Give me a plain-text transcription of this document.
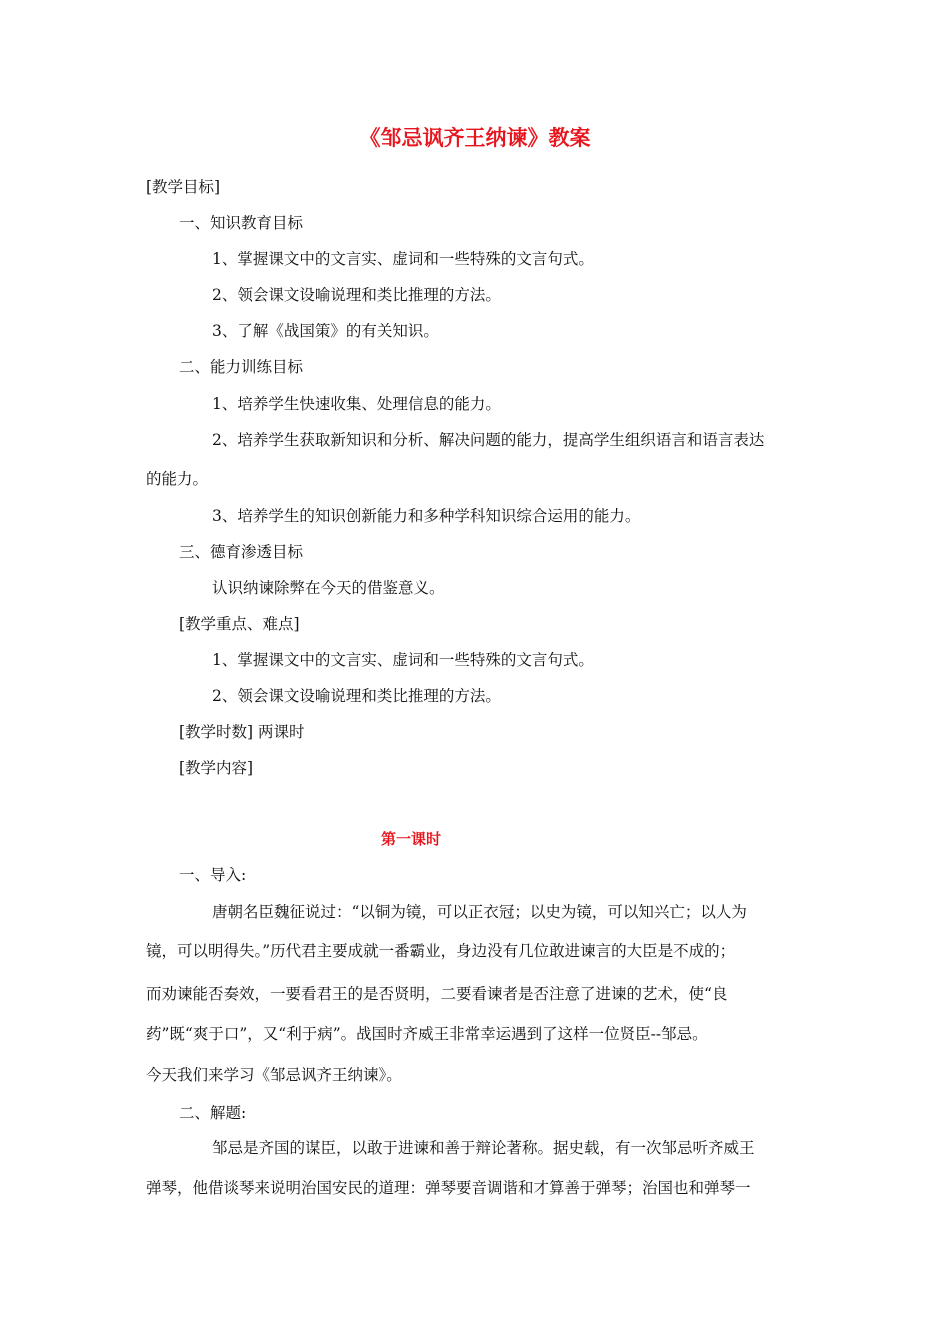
《邹忌讽齐王纳谏》教案

[教学目标]

一、知识教育目标

1、掌握课文中的文言实、虚词和一些特殊的文言句式。

2、领会课文设喻说理和类比推理的方法。

3、了解《战国策》的有关知识。

二、能力训练目标

1、培养学生快速收集、处理信息的能力。

2、培养学生获取新知识和分析、解决问题的能力，提高学生组织语言和语言表达

的能力。

3、培养学生的知识创新能力和多种学科知识综合运用的能力。

三、德育渗透目标

认识纳谏除弊在今天的借鉴意义。

[教学重点、难点]

1、掌握课文中的文言实、虚词和一些特殊的文言句式。

2、领会课文设喻说理和类比推理的方法。

[教学时数] 两课时

[教学内容]

第一课时

一、导入:

唐朝名臣魏征说过：“以铜为镜，可以正衣冠；以史为镜，可以知兴亡；以人为

镜，可以明得失。”历代君主要成就一番霸业，身边没有几位敢进谏言的大臣是不成的；

而劝谏能否奏效，一要看君王的是否贤明，二要看谏者是否注意了进谏的艺术，使“良

药”既“爽于口”，又“利于病”。战国时齐威王非常幸运遇到了这样一位贤臣--邹忌。

今天我们来学习《邹忌讽齐王纳谏》。

二、解题:

邹忌是齐国的谋臣，以敢于进谏和善于辩论著称。据史载，有一次邹忌听齐威王

弹琴，他借谈琴来说明治国安民的道理：弹琴要音调谐和才算善于弹琴；治国也和弹琴一
